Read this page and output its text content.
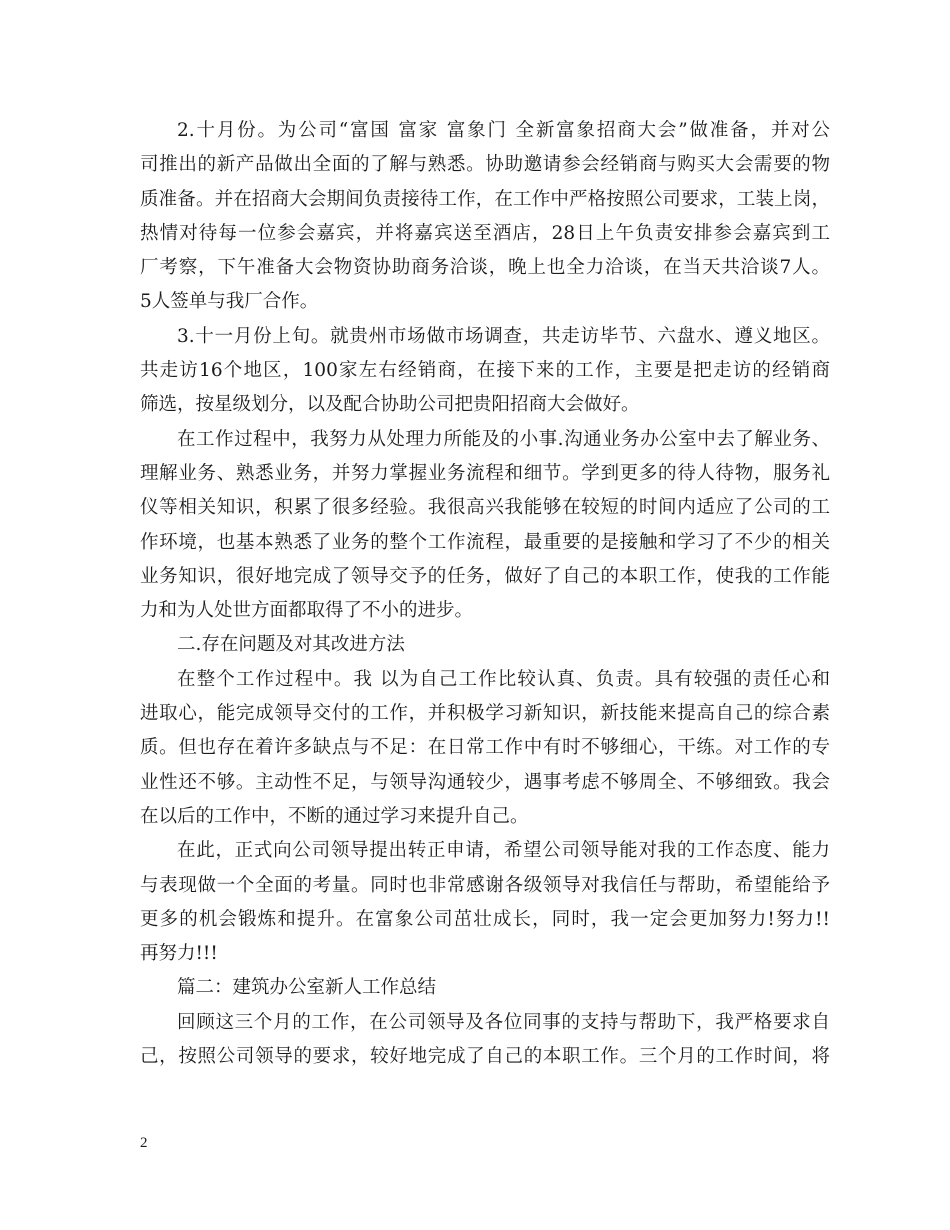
2.十月份。为公司“富国 富家 富象门 全新富象招商大会”做准备，并对公
司推出的新产品做出全面的了解与熟悉。协助邀请参会经销商与购买大会需要的物
质准备。并在招商大会期间负责接待工作，在工作中严格按照公司要求，工装上岗，
热情对待每一位参会嘉宾，并将嘉宾送至酒店，28日上午负责安排参会嘉宾到工
厂考察，下午准备大会物资协助商务洽谈，晚上也全力洽谈，在当天共洽谈7人。
5人签单与我厂合作。
3.十一月份上旬。就贵州市场做市场调查，共走访毕节、六盘水、遵义地区。
共走访16个地区，100家左右经销商，在接下来的工作，主要是把走访的经销商
筛选，按星级划分，以及配合协助公司把贵阳招商大会做好。
在工作过程中，我努力从处理力所能及的小事.沟通业务办公室中去了解业务、
理解业务、熟悉业务，并努力掌握业务流程和细节。学到更多的待人待物，服务礼
仪等相关知识，积累了很多经验。我很高兴我能够在较短的时间内适应了公司的工
作环境，也基本熟悉了业务的整个工作流程，最重要的是接触和学习了不少的相关
业务知识，很好地完成了领导交予的任务，做好了自己的本职工作，使我的工作能
力和为人处世方面都取得了不小的进步。
二.存在问题及对其改进方法
在整个工作过程中。我 以为自己工作比较认真、负责。具有较强的责任心和
进取心，能完成领导交付的工作，并积极学习新知识，新技能来提高自己的综合素
质。但也存在着许多缺点与不足：在日常工作中有时不够细心，干练。对工作的专
业性还不够。主动性不足，与领导沟通较少，遇事考虑不够周全、不够细致。我会
在以后的工作中，不断的通过学习来提升自己。
在此，正式向公司领导提出转正申请，希望公司领导能对我的工作态度、能力
与表现做一个全面的考量。同时也非常感谢各级领导对我信任与帮助，希望能给予
更多的机会锻炼和提升。在富象公司茁壮成长，同时，我一定会更加努力!努力!!
再努力!!!
篇二：建筑办公室新人工作总结
回顾这三个月的工作，在公司领导及各位同事的支持与帮助下，我严格要求自
己，按照公司领导的要求，较好地完成了自己的本职工作。三个月的工作时间，将
2
